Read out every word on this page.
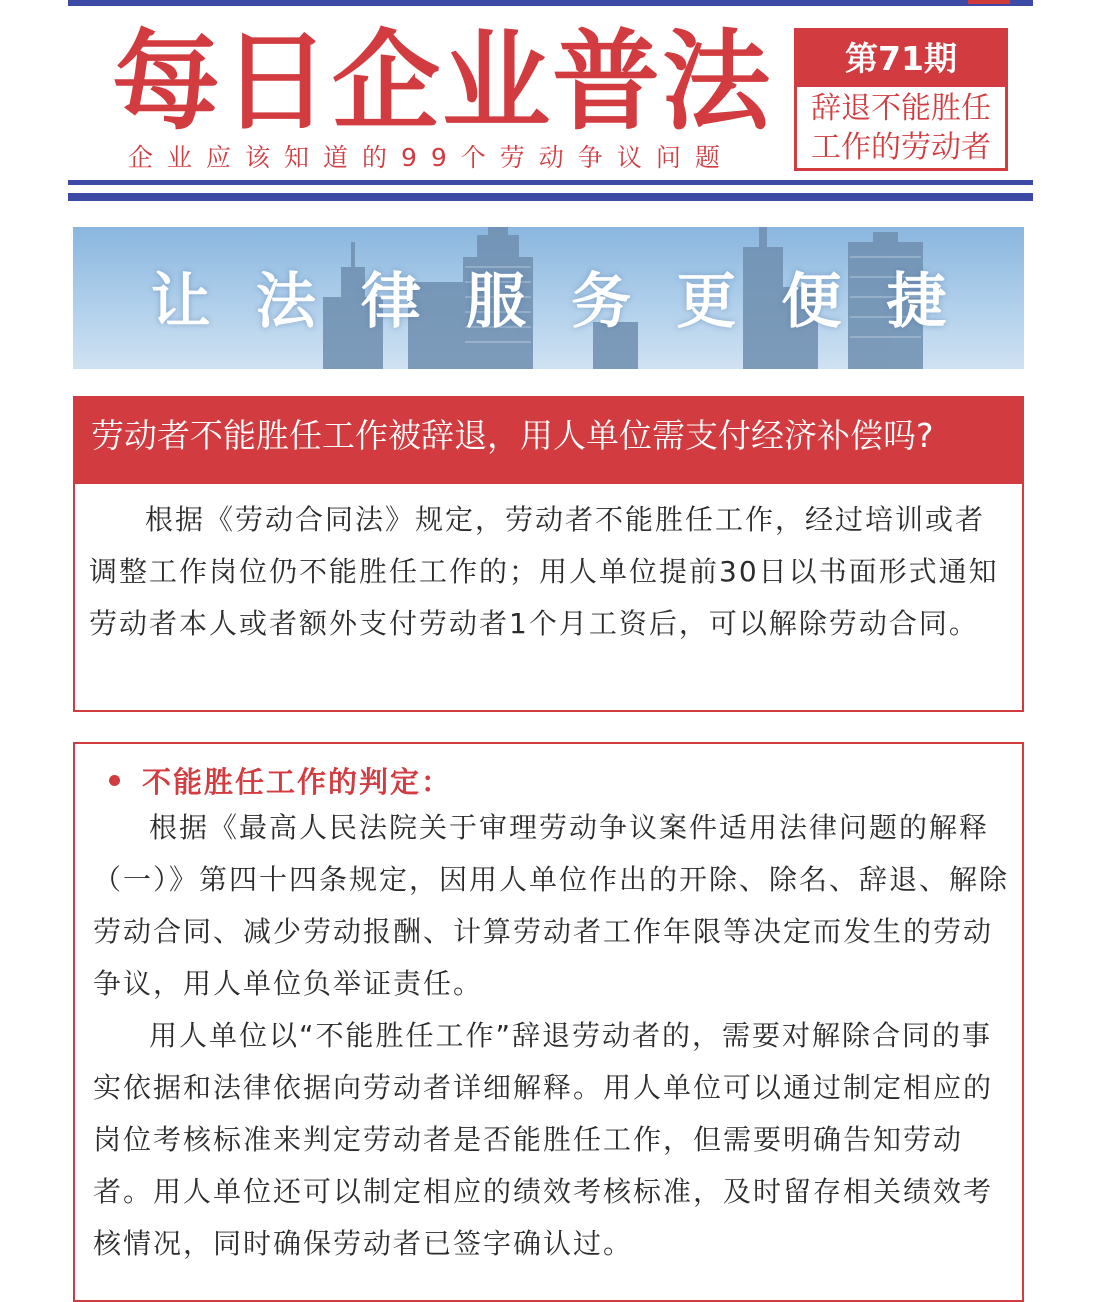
每日企业普法
企业应该知道的99个劳动争议问题
第71期
辞退不能胜任
工作的劳动者
让 法 律 服 务 更 便 捷
劳动者不能胜任工作被辞退，用人单位需支付经济补偿吗?

根据《劳动合同法》规定，劳动者不能胜任工作，经过培训或者调整工作岗位仍不能胜任工作的；用人单位提前30日以书面形式通知劳动者本人或者额外支付劳动者1个月工资后，可以解除劳动合同。

不能胜任工作的判定：

根据《最高人民法院关于审理劳动争议案件适用法律问题的解释（一）》第四十四条规定，因用人单位作出的开除、除名、辞退、解除劳动合同、减少劳动报酬、计算劳动者工作年限等决定而发生的劳动争议，用人单位负举证责任。

用人单位以“不能胜任工作”辞退劳动者的，需要对解除合同的事实依据和法律依据向劳动者详细解释。用人单位可以通过制定相应的岗位考核标准来判定劳动者是否能胜任工作，但需要明确告知劳动者。用人单位还可以制定相应的绩效考核标准，及时留存相关绩效考核情况，同时确保劳动者已签字确认过。
